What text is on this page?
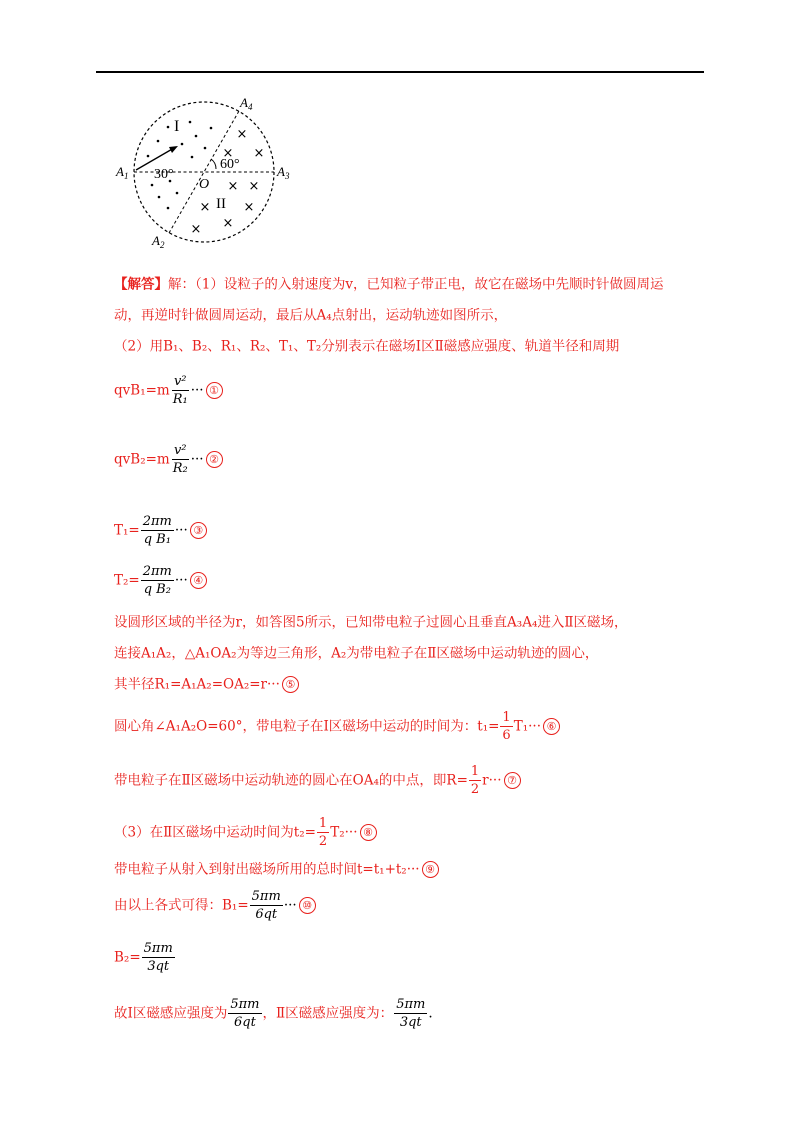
×
× ×
× ×
×	×
×
×
$A_1$
$A_2$
$A_3$
$A_4$
O
I
II
30°
60°
【解答】解：（1）设粒子的入射速度为v，已知粒子带正电，故它在磁场中先顺时针做圆周运
动，再逆时针做圆周运动，最后从A₄点射出，运动轨迹如图所示，
（2）用B₁、B₂、R₁、R₂、T₁、T₂分别表示在磁场Ⅰ区Ⅱ磁感应强度、轨道半径和周期
$qvB_1=m \frac{\text{v²}}{\text{R₁}}$ ··· ①
$qvB_2=m \frac{\text{v²}}{\text{R₂}}$ ··· ②
$T_1= \frac{2\pi m}{\text{q B₁}}$ ··· ③
$T_2= \frac{2\pi m}{\text{q B₂}}$ ··· ④
设圆形区域的半径为r，如答图5所示，已知带电粒子过圆心且垂直A₃A₄进入Ⅱ区磁场，
连接A₁A₂，△A₁OA₂为等边三角形，A₂为带电粒子在Ⅱ区磁场中运动轨迹的圆心，
其半径R₁=A₁A₂=OA₂=r··· ⑤
圆心角∠A₁A₂O=60°，带电粒子在Ⅰ区磁场中运动的时间为：$t_1= \frac{1}{6} T_1\cdot\cdot\cdot$ ⑥
带电粒子在Ⅱ区磁场中运动轨迹的圆心在OA₄的中点，即$R= \frac{1}{2} r\cdot\cdot\cdot$ ⑦
（3）在Ⅱ区磁场中运动时间为$t_2= \frac{1}{2} T_2\cdot\cdot\cdot$ ⑧
带电粒子从射入到射出磁场所用的总时间t=t₁+t₂··· ⑨
由以上各式可得：$B_1= \frac{5\pi m}{6qt}$ ··· ⑩
$B_2= \frac{5\pi m}{3qt}$
故Ⅰ区磁感应强度为 $\frac{5\pi m}{6qt}$ ，Ⅱ区磁感应强度为： $\frac{5\pi m}{3qt}$ .
